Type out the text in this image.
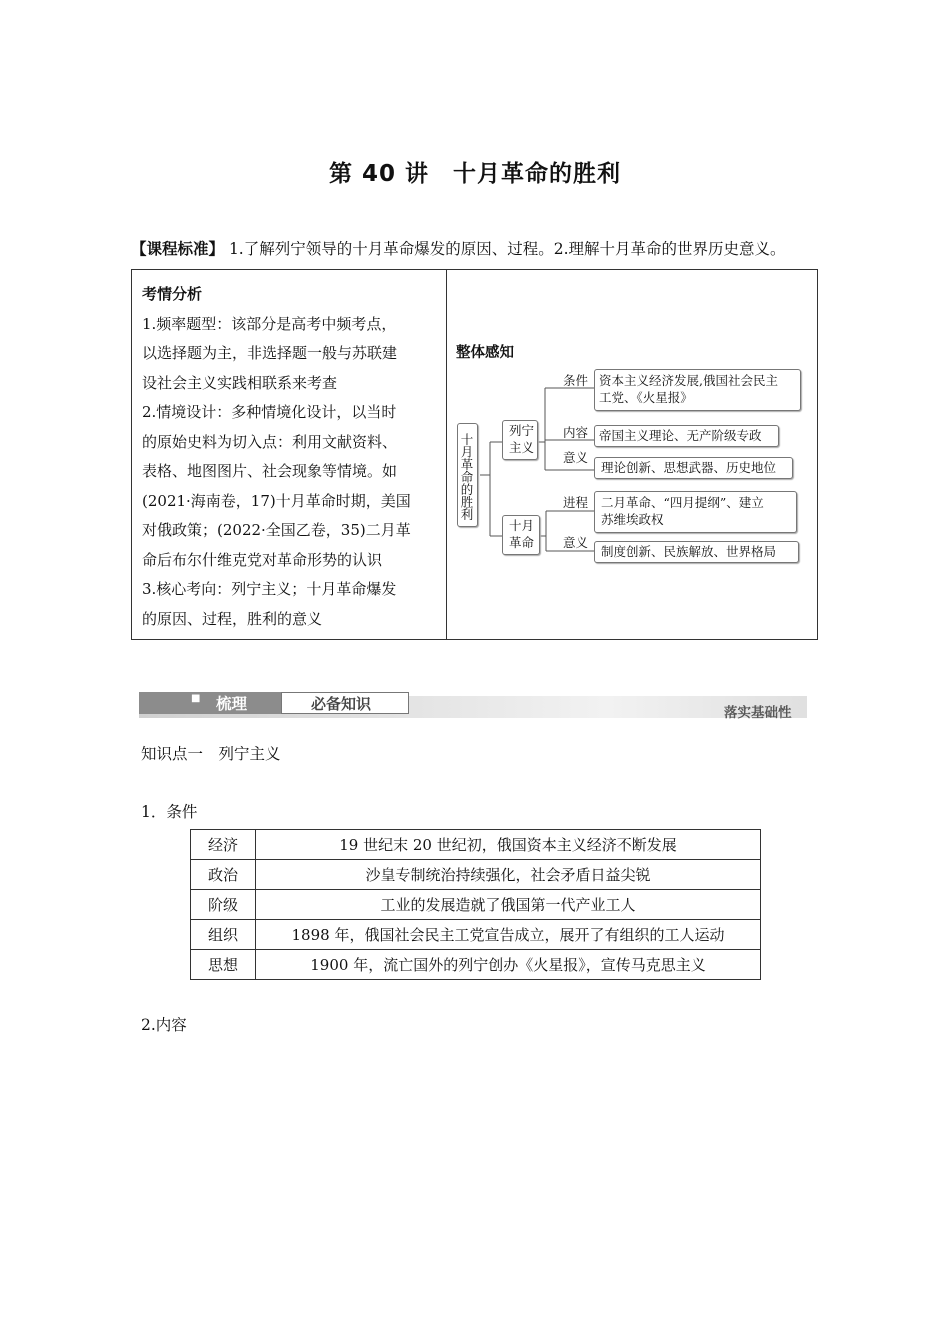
第 40 讲　十月革命的胜利
【课程标准】 1.了解列宁领导的十月革命爆发的原因、过程。2.理解十月革命的世界历史意义。

考情分析

1.频率题型：该部分是高考中频考点，

以选择题为主，非选择题一般与苏联建

设社会主义实践相联系来考查

2.情境设计：多种情境化设计，以当时

的原始史料为切入点：利用文献资料、

表格、地图图片、社会现象等情境。如

(2021·海南卷，17)十月革命时期，美国

对俄政策；(2022·全国乙卷，35)二月革

命后布尔什维克党对革命形势的认识

3.核心考向：列宁主义；十月革命爆发

的原因、过程，胜利的意义

整体感知
十月革命的胜利
列宁
主义
十月
革命
条件
内容
意义
进程
意义
资本主义经济发展,俄国社会民主
工党、《火星报》
帝国主义理论、无产阶级专政
理论创新、思想武器、历史地位
二月革命、“四月提纲”、建立
苏维埃政权
制度创新、民族解放、世界格局
■ 梳理	必备知识	落实基础性
知识点一　列宁主义
1．条件
经济	19 世纪末 20 世纪初，俄国资本主义经济不断发展
政治	沙皇专制统治持续强化，社会矛盾日益尖锐
阶级	工业的发展造就了俄国第一代产业工人
组织	1898 年，俄国社会民主工党宣告成立，展开了有组织的工人运动
思想	1900 年，流亡国外的列宁创办《火星报》，宣传马克思主义
2.内容
